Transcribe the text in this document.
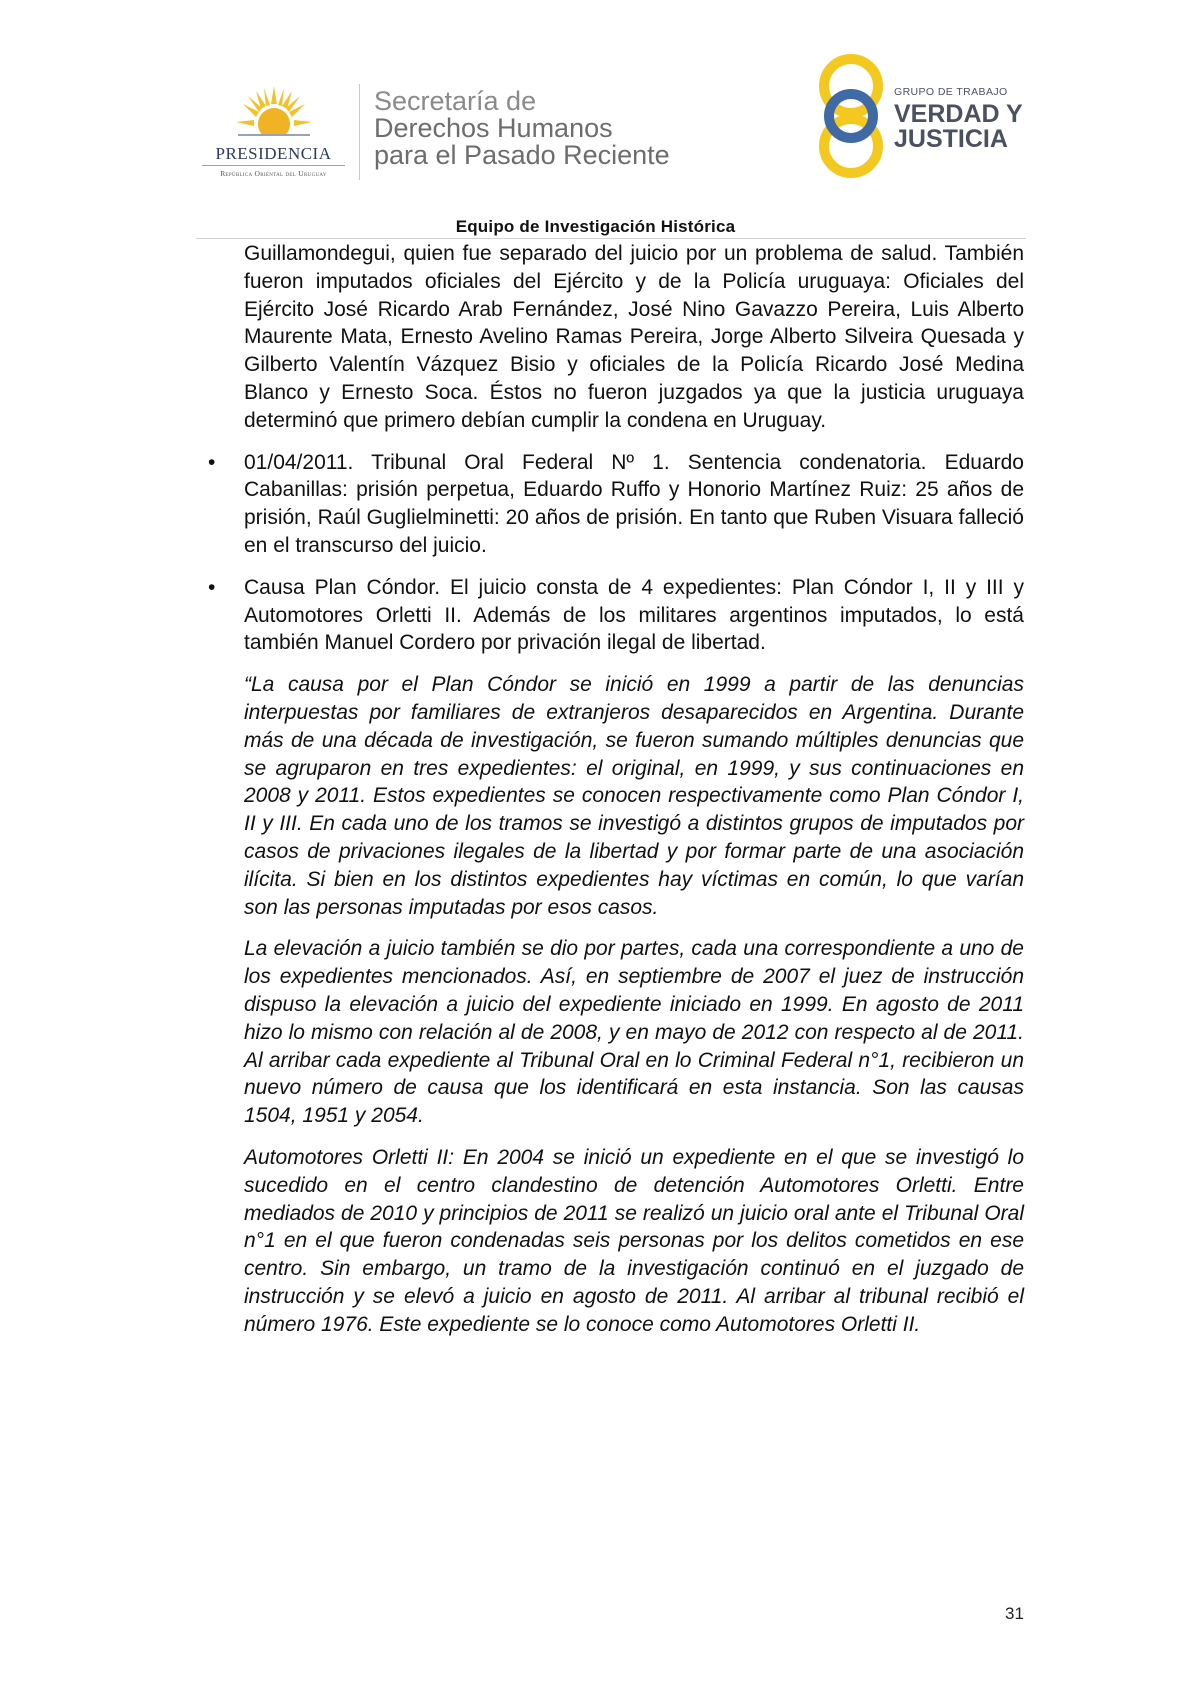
PRESIDENCIA
República Oriental del Uruguay
Secretaría de
Derechos Humanos
para el Pasado Reciente
GRUPO DE TRABAJO
VERDAD Y
JUSTICIA
Equipo de Investigación Histórica

Guillamondegui, quien fue separado del juicio por un problema de salud. También fueron imputados oficiales del Ejército y de la Policía uruguaya: Oficiales del Ejército José Ricardo Arab Fernández, José Nino Gavazzo Pereira, Luis Alberto Maurente Mata, Ernesto Avelino Ramas Pereira, Jorge Alberto Silveira Quesada y Gilberto Valentín Vázquez Bisio y oficiales de la Policía Ricardo José Medina Blanco y Ernesto Soca. Éstos no fueron juzgados ya que la justicia uruguaya determinó que primero debían cumplir la condena en Uruguay.

• 01/04/2011. Tribunal Oral Federal Nº 1. Sentencia condenatoria. Eduardo Cabanillas: prisión perpetua, Eduardo Ruffo y Honorio Martínez Ruiz: 25 años de prisión, Raúl Guglielminetti: 20 años de prisión. En tanto que Ruben Visuara falleció en el transcurso del juicio.

• Causa Plan Cóndor. El juicio consta de 4 expedientes: Plan Cóndor I, II y III y Automotores Orletti II. Además de los militares argentinos imputados, lo está también Manuel Cordero por privación ilegal de libertad.

“La causa por el Plan Cóndor se inició en 1999 a partir de las denuncias interpuestas por familiares de extranjeros desaparecidos en Argentina. Durante más de una década de investigación, se fueron sumando múltiples denuncias que se agruparon en tres expedientes: el original, en 1999, y sus continuaciones en 2008 y 2011. Estos expedientes se conocen respectivamente como Plan Cóndor I, II y III. En cada uno de los tramos se investigó a distintos grupos de imputados por casos de privaciones ilegales de la libertad y por formar parte de una asociación ilícita. Si bien en los distintos expedientes hay víctimas en común, lo que varían son las personas imputadas por esos casos.

La elevación a juicio también se dio por partes, cada una correspondiente a uno de los expedientes mencionados. Así, en septiembre de 2007 el juez de instrucción dispuso la elevación a juicio del expediente iniciado en 1999. En agosto de 2011 hizo lo mismo con relación al de 2008, y en mayo de 2012 con respecto al de 2011. Al arribar cada expediente al Tribunal Oral en lo Criminal Federal n°1, recibieron un nuevo número de causa que los identificará en esta instancia. Son las causas 1504, 1951 y 2054.

Automotores Orletti II: En 2004 se inició un expediente en el que se investigó lo sucedido en el centro clandestino de detención Automotores Orletti. Entre mediados de 2010 y principios de 2011 se realizó un juicio oral ante el Tribunal Oral n°1 en el que fueron condenadas seis personas por los delitos cometidos en ese centro. Sin embargo, un tramo de la investigación continuó en el juzgado de instrucción y se elevó a juicio en agosto de 2011. Al arribar al tribunal recibió el número 1976. Este expediente se lo conoce como Automotores Orletti II.

31
